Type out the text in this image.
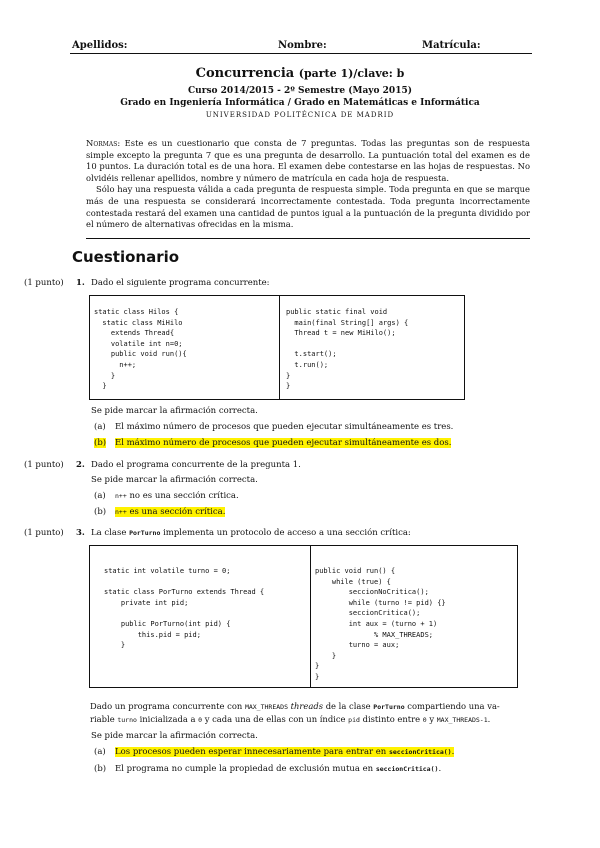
Apellidos:	Nombre:	Matrícula:
Concurrencia (parte 1)/clave: b
Curso 2014/2015 - 2º Semestre (Mayo 2015)
Grado en Ingeniería Informática / Grado en Matemáticas e Informática
UNIVERSIDAD POLITÉCNICA DE MADRID
Normas: Este es un cuestionario que consta de 7 preguntas. Todas las preguntas son de respuesta simple excepto la pregunta 7 que es una pregunta de desarrollo. La puntuación total del examen es de 10 puntos. La duración total es de una hora. El examen debe contestarse en las hojas de respuestas. No olvidéis rellenar apellidos, nombre y número de matrícula en cada hoja de respuesta.
Sólo hay una respuesta válida a cada pregunta de respuesta simple. Toda pregunta en que se marque más de una respuesta se considerará incorrectamente contestada. Toda pregunta incorrectamente contestada restará del examen una cantidad de puntos igual a la puntuación de la pregunta dividido por el número de alternativas ofrecidas en la misma.
Cuestionario
(1 punto) 1. Dado el siguiente programa concurrente:
static class Hilos {
static class MiHilo
extends Thread{
volatile int n=0;
public void run(){
n++;
}
}
public static final void
main(final String[] args) {
Thread t = new MiHilo();

t.start();
t.run();
}
}
Se pide marcar la afirmación correcta.
(a) El máximo número de procesos que pueden ejecutar simultáneamente es tres.
(b) El máximo número de procesos que pueden ejecutar simultáneamente es dos.
(1 punto) 2. Dado el programa concurrente de la pregunta 1.
Se pide marcar la afirmación correcta.
(a) n++ no es una sección crítica.
(b) n++ es una sección crítica.
(1 punto) 3. La clase PorTurno implementa un protocolo de acceso a una sección crítica:
static int volatile turno = 0;

static class PorTurno extends Thread {
private int pid;

public PorTurno(int pid) {
this.pid = pid;
}
public void run() {
while (true) {
seccionNoCritica();
while (turno != pid) {}
seccionCritica();
int aux = (turno + 1)
% MAX_THREADS;
turno = aux;
}
}
}
Dado un programa concurrente con MAX_THREADS threads de la clase PorTurno compartiendo una va-
riable turno inicializada a 0 y cada una de ellas con un índice pid distinto entre 0 y MAX_THREADS-1.
Se pide marcar la afirmación correcta.
(a) Los procesos pueden esperar innecesariamente para entrar en seccionCritica().
(b) El programa no cumple la propiedad de exclusión mutua en seccionCritica().
